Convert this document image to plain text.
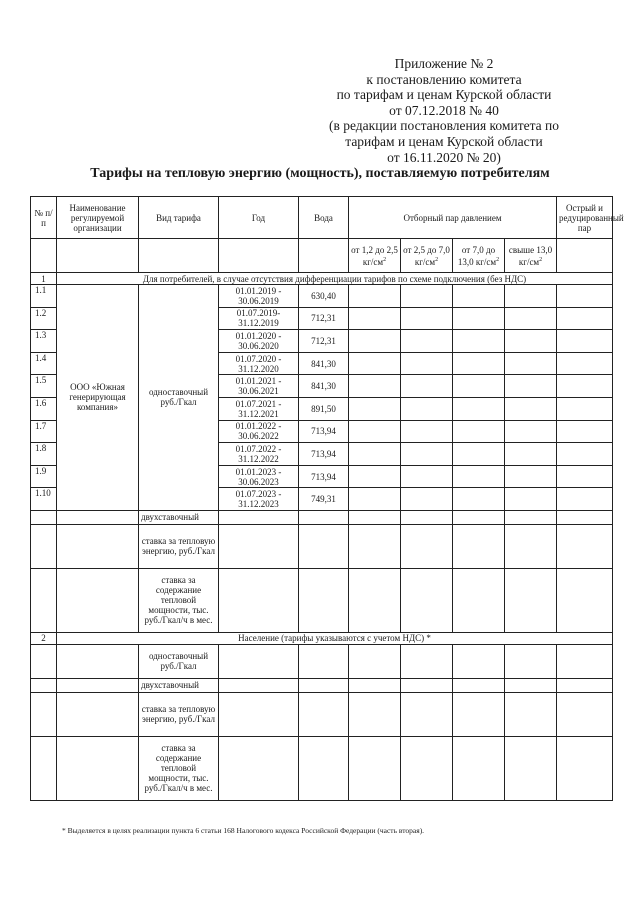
Приложение № 2
к постановлению комитета
по тарифам и ценам Курской области
от 07.12.2018 № 40
(в редакции постановления комитета по
тарифам и ценам Курской области
от 16.11.2020 № 20)
Тарифы на тепловую энергию (мощность), поставляемую потребителям
№ п/п	Наименование регулируемой организации	Вид тарифа	Год	Вода	Отборный пар давлением				Острый и редуцированный пар
					от 1,2 до 2,5 $кг/см^2$	от 2,5 до 7,0 $кг/см^2$	от 7,0 до 13,0 $кг/см^2$	свыше 13,0 $кг/см^2$	
1	Для потребителей, в случае отсутствия дифференциации тарифов по схеме подключения (без НДС)								
1.1	ООО «Южная генерирующая компания»	одноставочный руб./Гкал	01.01.2019 - 30.06.2019	630,40					
1.2			01.07.2019-31.12.2019	712,31					
1.3			01.01.2020 - 30.06.2020	712,31					
1.4			01.07.2020 - 31.12.2020	841,30					
1.5			01.01.2021 - 30.06.2021	841,30					
1.6			01.07.2021 - 31.12.2021	891,50					
1.7			01.01.2022 - 30.06.2022	713,94					
1.8			01.07.2022 - 31.12.2022	713,94					
1.9			01.01.2023 - 30.06.2023	713,94					
1.10			01.07.2023 - 31.12.2023	749,31					
		двухставочный							
		ставка за тепловую энергию, руб./Гкал							
		ставка за содержание тепловой мощности, тыс. руб./Гкал/ч в мес.							
2	Население (тарифы указываются с учетом НДС) *								
		одноставочный руб./Гкал							
		двухставочный							
		ставка за тепловую энергию, руб./Гкал							
		ставка за содержание тепловой мощности, тыс. руб./Гкал/ч в мес.							
* Выделяется в целях реализации пункта 6 статьи 168 Налогового кодекса Российской Федерации (часть вторая).
